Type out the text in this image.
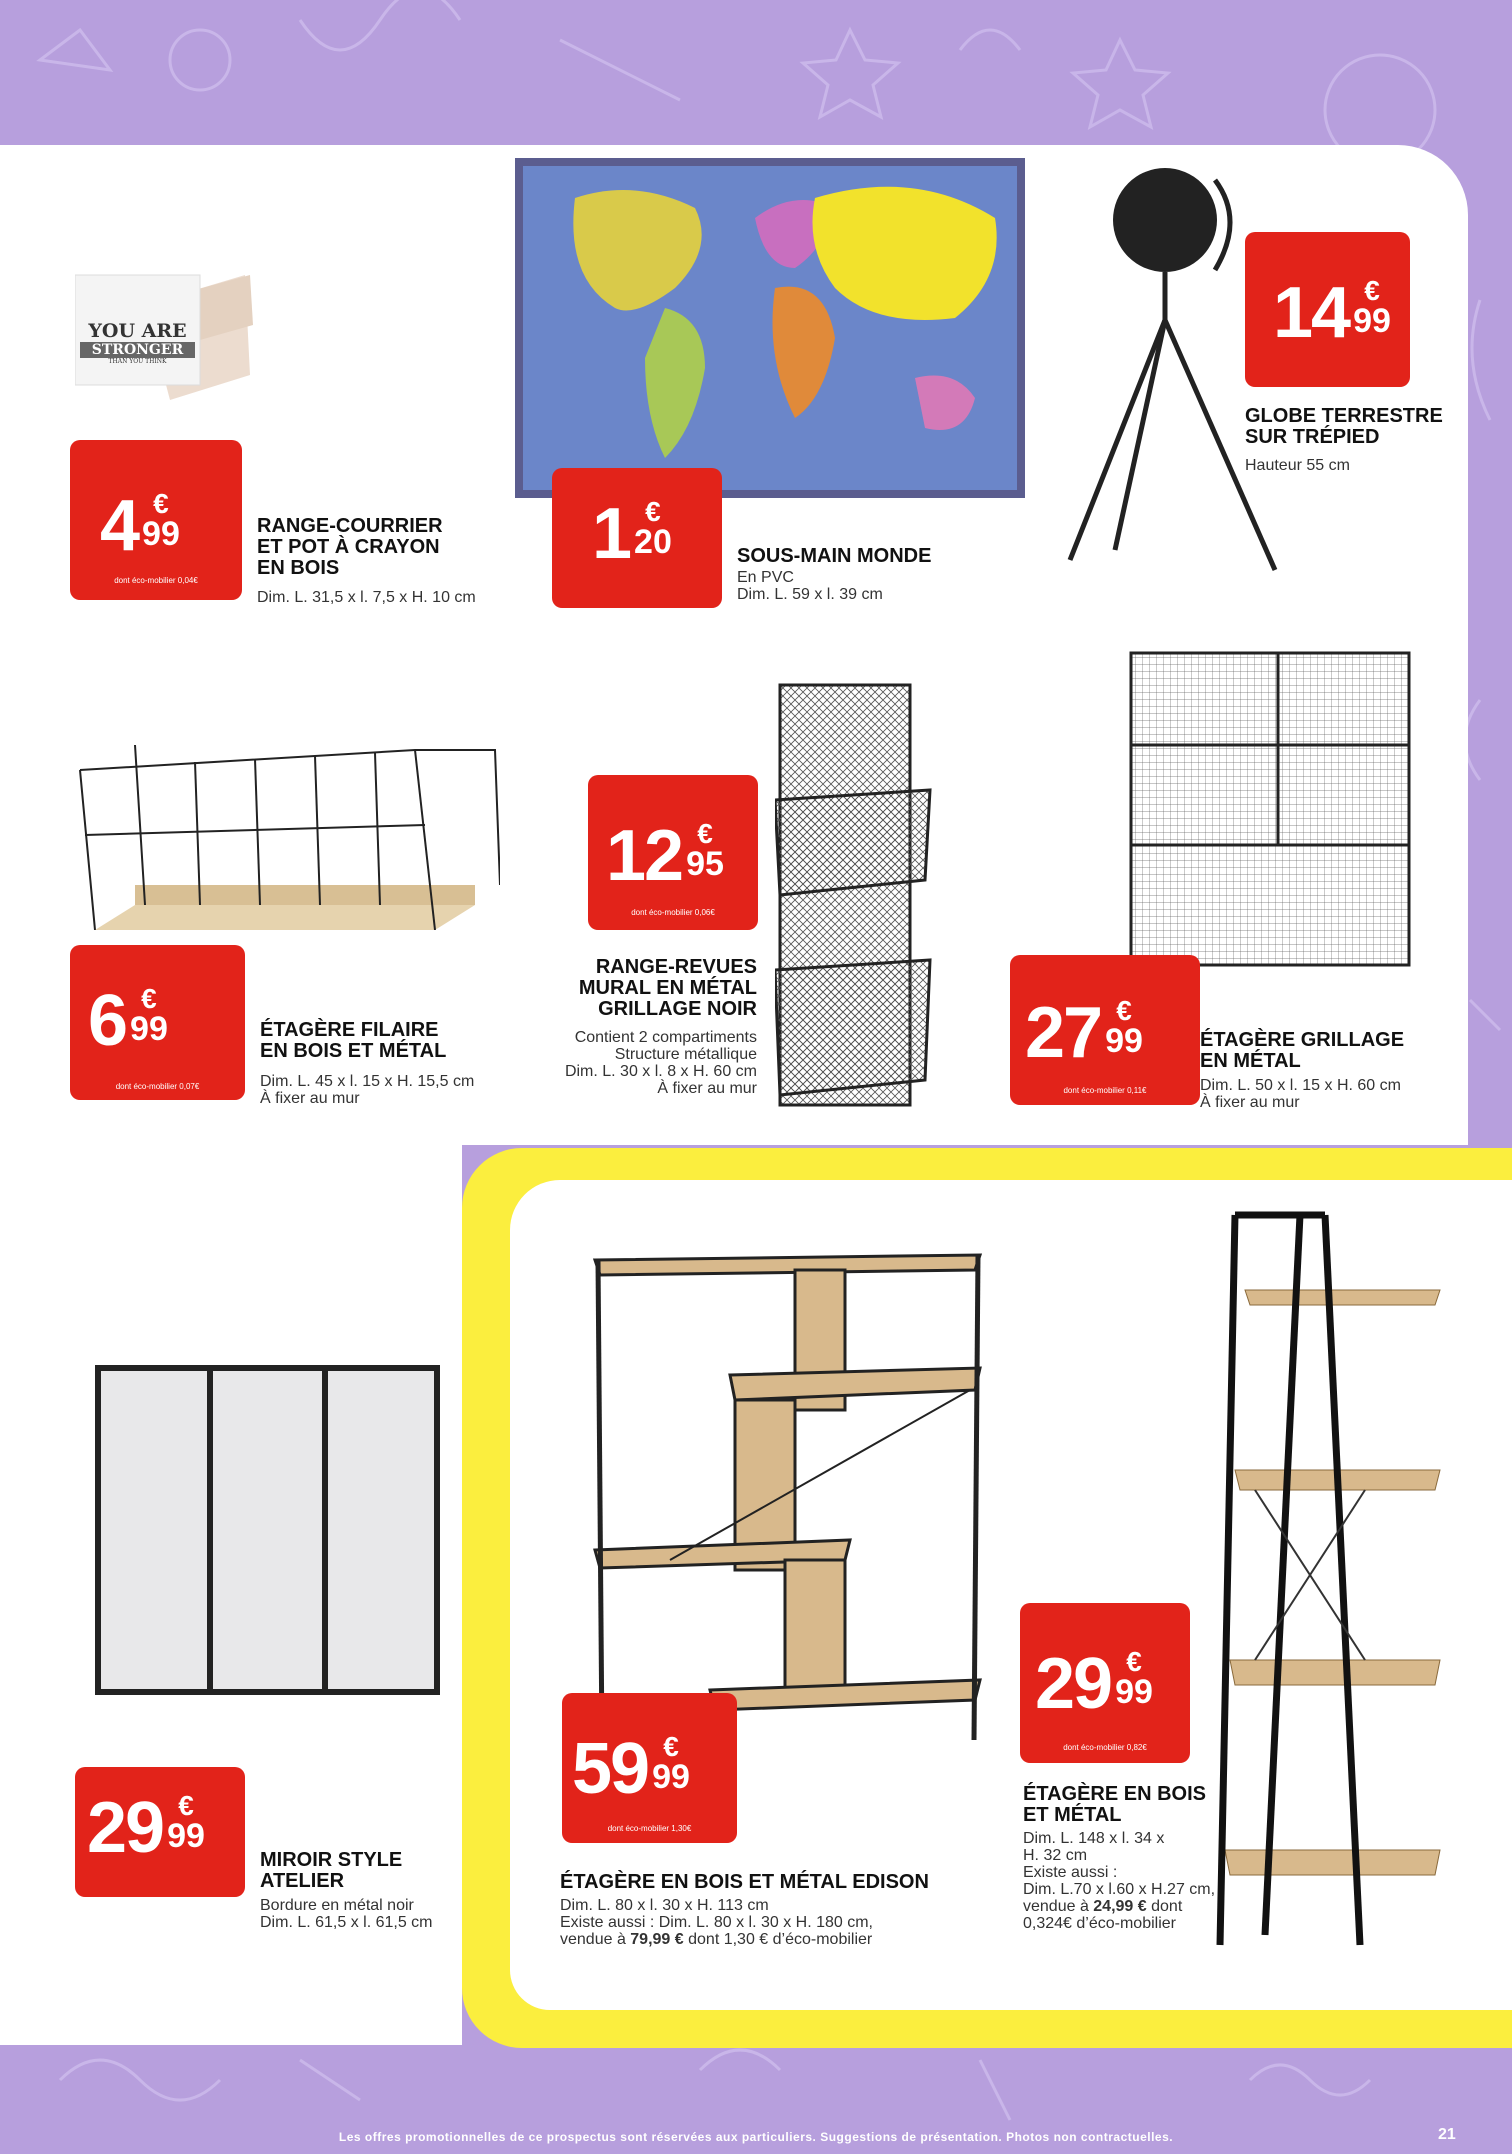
YOU ARE
STRONGER
THAN YOU THINK
4 €
99
dont éco-mobilier 0,04€
RANGE-COURRIER
ET POT À CRAYON
EN BOIS
Dim. L. 31,5 x l. 7,5 x H. 10 cm
1 €
20	SOUS-MAIN MONDE
En PVC
Dim. L. 59 x l. 39 cm
14 €
99
GLOBE TERRESTRE
SUR TRÉPIED
Hauteur 55 cm
6 €
99
dont éco-mobilier 0,07€
ÉTAGÈRE FILAIRE
EN BOIS ET MÉTAL
Dim. L. 45 x l. 15 x H. 15,5 cm
À fixer au mur
12 €
95
dont éco-mobilier 0,06€
RANGE-REVUES
MURAL EN MÉTAL
GRILLAGE NOIR
Contient 2 compartiments
Structure métallique
Dim. L. 30 x l. 8 x H. 60 cm
À fixer au mur
27 €
99
dont éco-mobilier 0,11€
ÉTAGÈRE GRILLAGE
EN MÉTAL
Dim. L. 50 x l. 15 x H. 60 cm
À fixer au mur
29 €
99
MIROIR STYLE
ATELIER
Bordure en métal noir
Dim. L. 61,5 x l. 61,5 cm
59 €
99
dont éco-mobilier 1,30€
ÉTAGÈRE EN BOIS ET MÉTAL EDISON
Dim. L. 80 x l. 30 x H. 113 cm
Existe aussi : Dim. L. 80 x l. 30 x H. 180 cm,
vendue à 79,99 € dont 1,30 € d’éco-mobilier
29 €
99
dont éco-mobilier 0,82€
ÉTAGÈRE EN BOIS
ET MÉTAL
Dim. L. 148 x l. 34 x
H. 32 cm
Existe aussi :
Dim. L.70 x l.60 x H.27 cm,
vendue à 24,99 € dont
0,324€ d’éco-mobilier
Les offres promotionnelles de ce prospectus sont réservées aux particuliers. Suggestions de présentation. Photos non contractuelles.	21
